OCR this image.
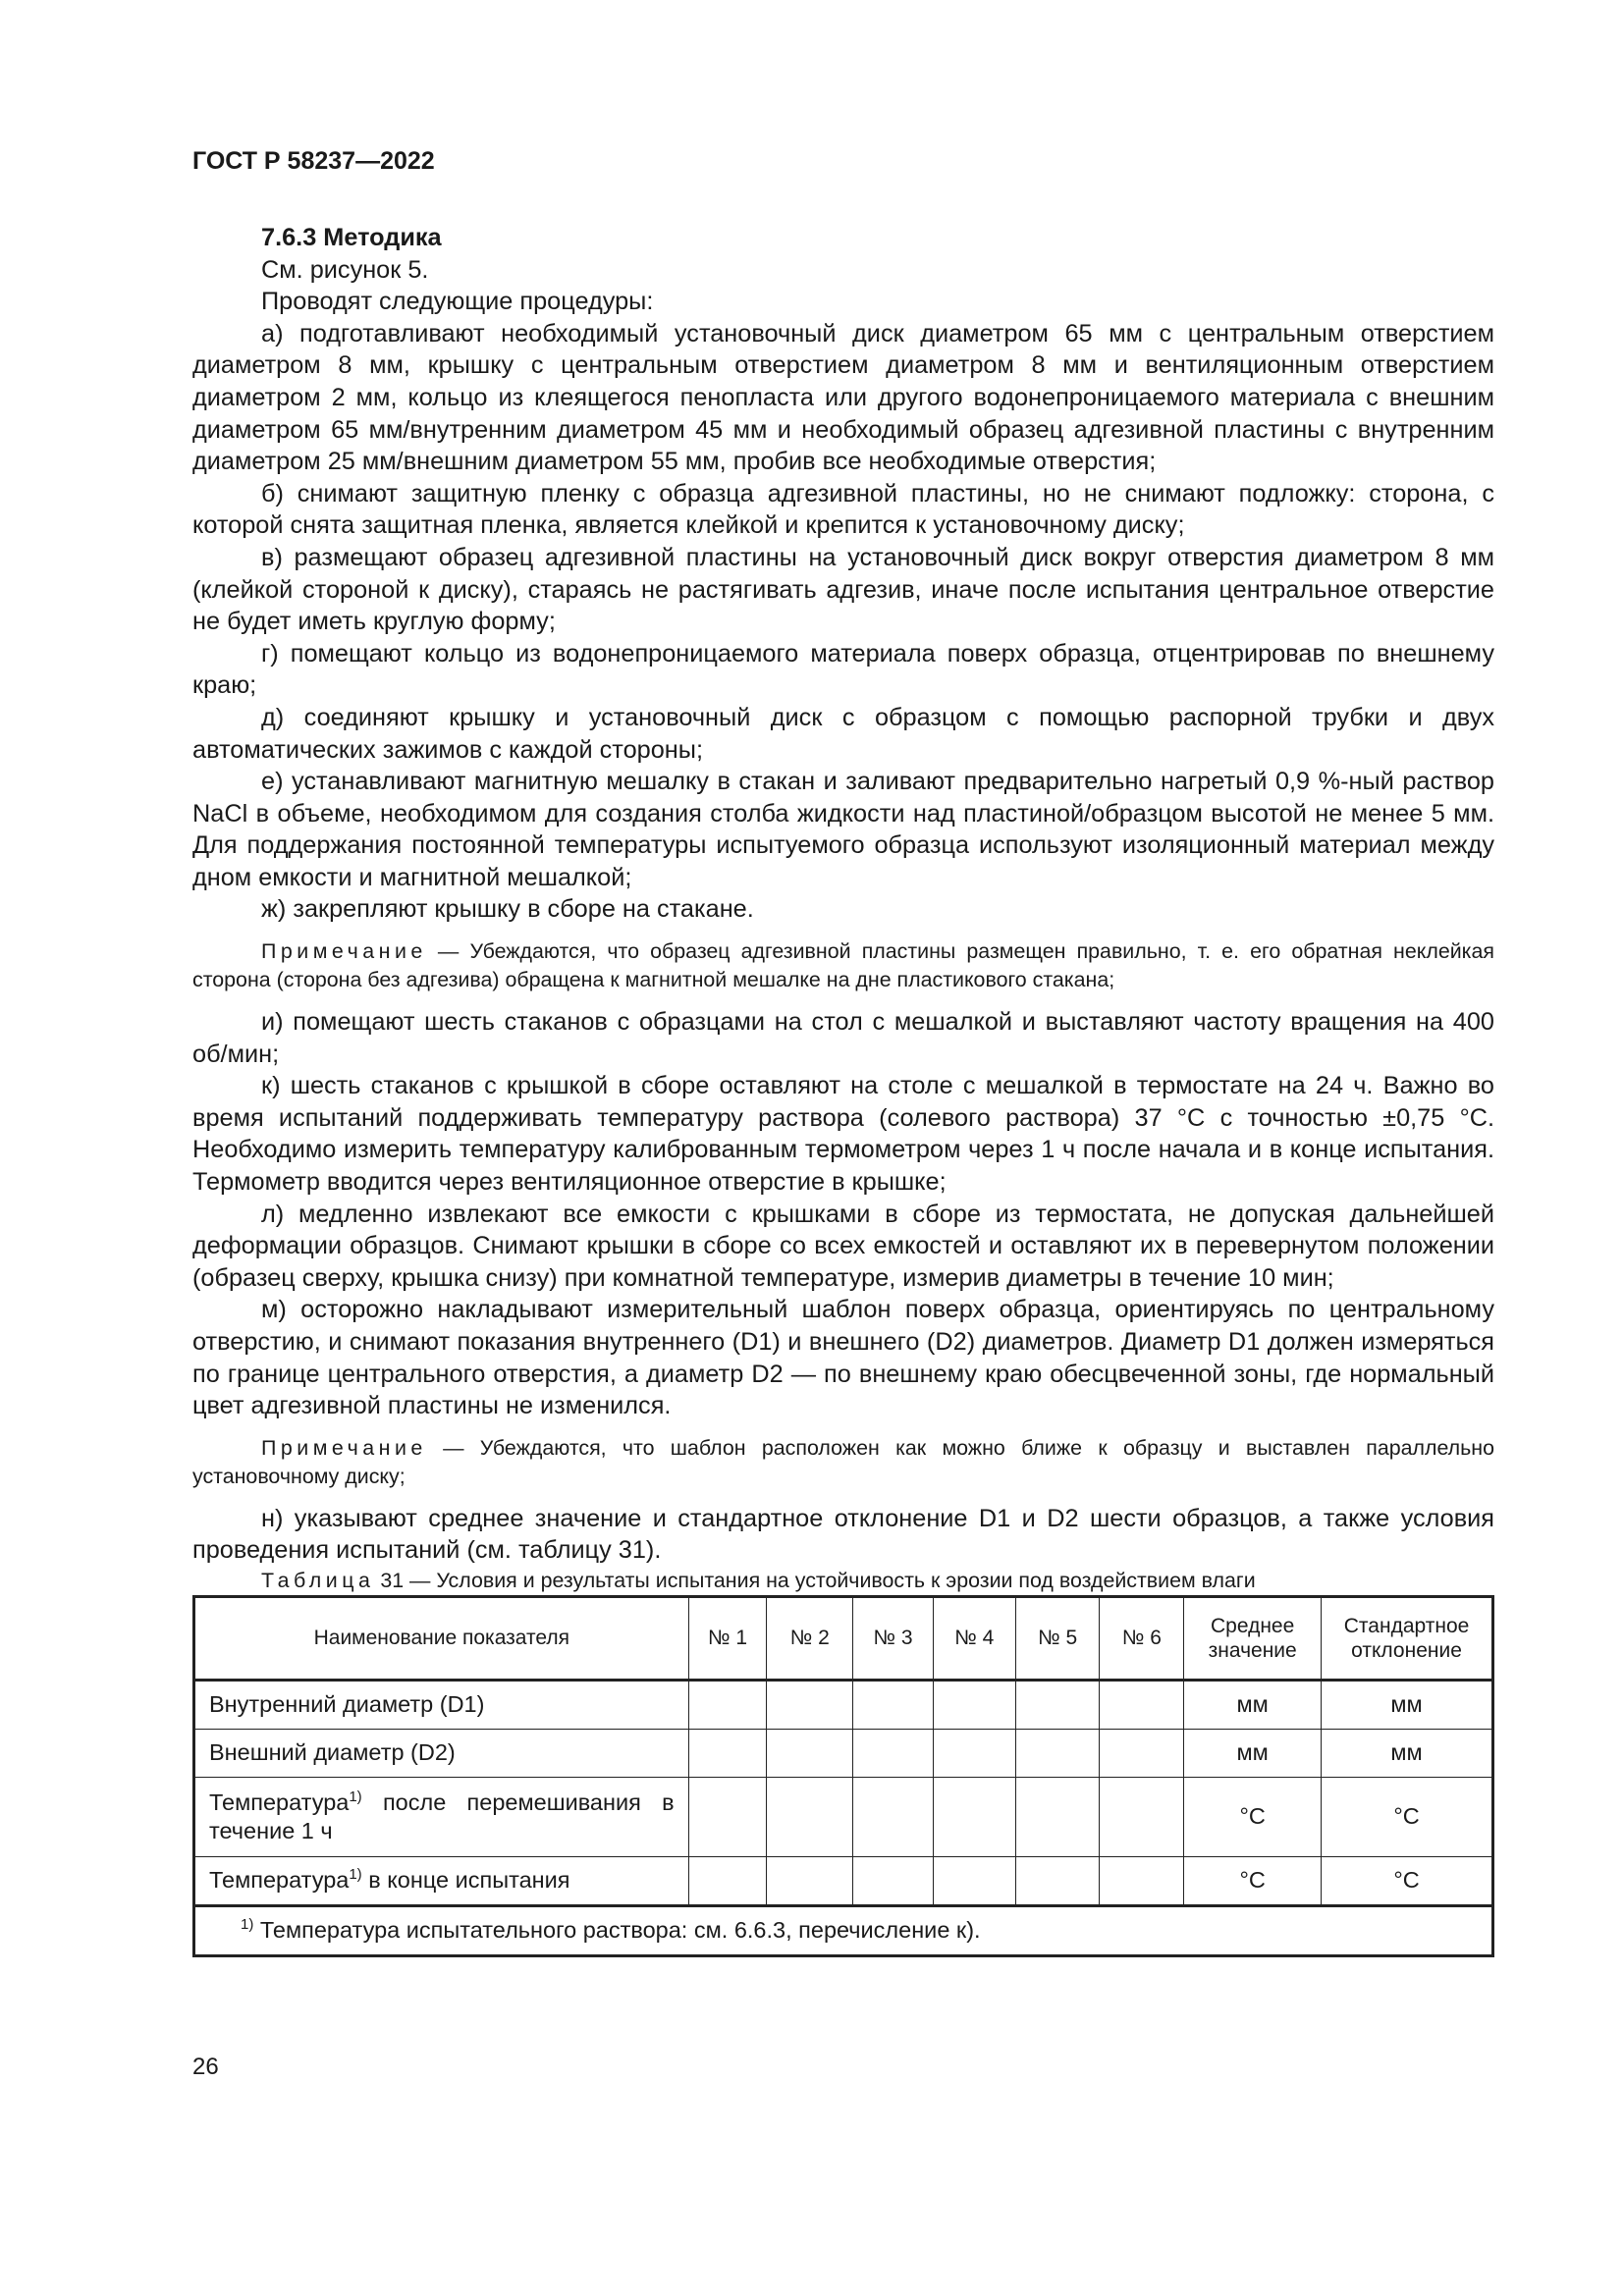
ГОСТ Р 58237—2022

7.6.3 Методика

См. рисунок 5.

Проводят следующие процедуры:

а) подготавливают необходимый установочный диск диаметром 65 мм с центральным отверстием диаметром 8 мм, крышку с центральным отверстием диаметром 8 мм и вентиляционным отверстием диаметром 2 мм, кольцо из клеящегося пенопласта или другого водонепроницаемого материала с внешним диаметром 65 мм/внутренним диаметром 45 мм и необходимый образец адгезивной пластины с внутренним диаметром 25 мм/внешним диаметром 55 мм, пробив все необходимые отверстия;

б) снимают защитную пленку с образца адгезивной пластины, но не снимают подложку: сторона, с которой снята защитная пленка, является клейкой и крепится к установочному диску;

в) размещают образец адгезивной пластины на установочный диск вокруг отверстия диаметром 8 мм (клейкой стороной к диску), стараясь не растягивать адгезив, иначе после испытания центральное отверстие не будет иметь круглую форму;

г) помещают кольцо из водонепроницаемого материала поверх образца, отцентрировав по внешнему краю;

д) соединяют крышку и установочный диск с образцом с помощью распорной трубки и двух автоматических зажимов с каждой стороны;

е) устанавливают магнитную мешалку в стакан и заливают предварительно нагретый 0,9 %-ный раствор NaCl в объеме, необходимом для создания столба жидкости над пластиной/образцом высотой не менее 5 мм. Для поддержания постоянной температуры испытуемого образца используют изоляционный материал между дном емкости и магнитной мешалкой;

ж) закрепляют крышку в сборе на стакане.

Примечание — Убеждаются, что образец адгезивной пластины размещен правильно, т. е. его обратная неклейкая сторона (сторона без адгезива) обращена к магнитной мешалке на дне пластикового стакана;

и) помещают шесть стаканов с образцами на стол с мешалкой и выставляют частоту вращения на 400 об/мин;

к) шесть стаканов с крышкой в сборе оставляют на столе с мешалкой в термостате на 24 ч. Важно во время испытаний поддерживать температуру раствора (солевого раствора) 37 °С с точностью ±0,75 °С. Необходимо измерить температуру калиброванным термометром через 1 ч после начала и в конце испытания. Термометр вводится через вентиляционное отверстие в крышке;

л) медленно извлекают все емкости с крышками в сборе из термостата, не допуская дальнейшей деформации образцов. Снимают крышки в сборе со всех емкостей и оставляют их в перевернутом положении (образец сверху, крышка снизу) при комнатной температуре, измерив диаметры в течение 10 мин;

м) осторожно накладывают измерительный шаблон поверх образца, ориентируясь по центральному отверстию, и снимают показания внутреннего (D1) и внешнего (D2) диаметров. Диаметр D1 должен измеряться по границе центрального отверстия, а диаметр D2 — по внешнему краю обесцвеченной зоны, где нормальный цвет адгезивной пластины не изменился.

Примечание — Убеждаются, что шаблон расположен как можно ближе к образцу и выставлен параллельно установочному диску;

н) указывают среднее значение и стандартное отклонение D1 и D2 шести образцов, а также условия проведения испытаний (см. таблицу 31).

Таблица 31 — Условия и результаты испытания на устойчивость к эрозии под воздействием влаги

Наименование показателя	№ 1	№ 2	№ 3	№ 4	№ 5	№ 6	Среднее значение	Стандартное отклонение
Внутренний диаметр (D1)							мм	мм
Внешний диаметр (D2)							мм	мм
Температура$^{1)}$ после перемешивания в течение 1 ч							°С	°С
Температура$^{1)}$ в конце испытания							°С	°С
$^{1)}$ Температура испытательного раствора: см. 6.6.3, перечисление к).								
26
